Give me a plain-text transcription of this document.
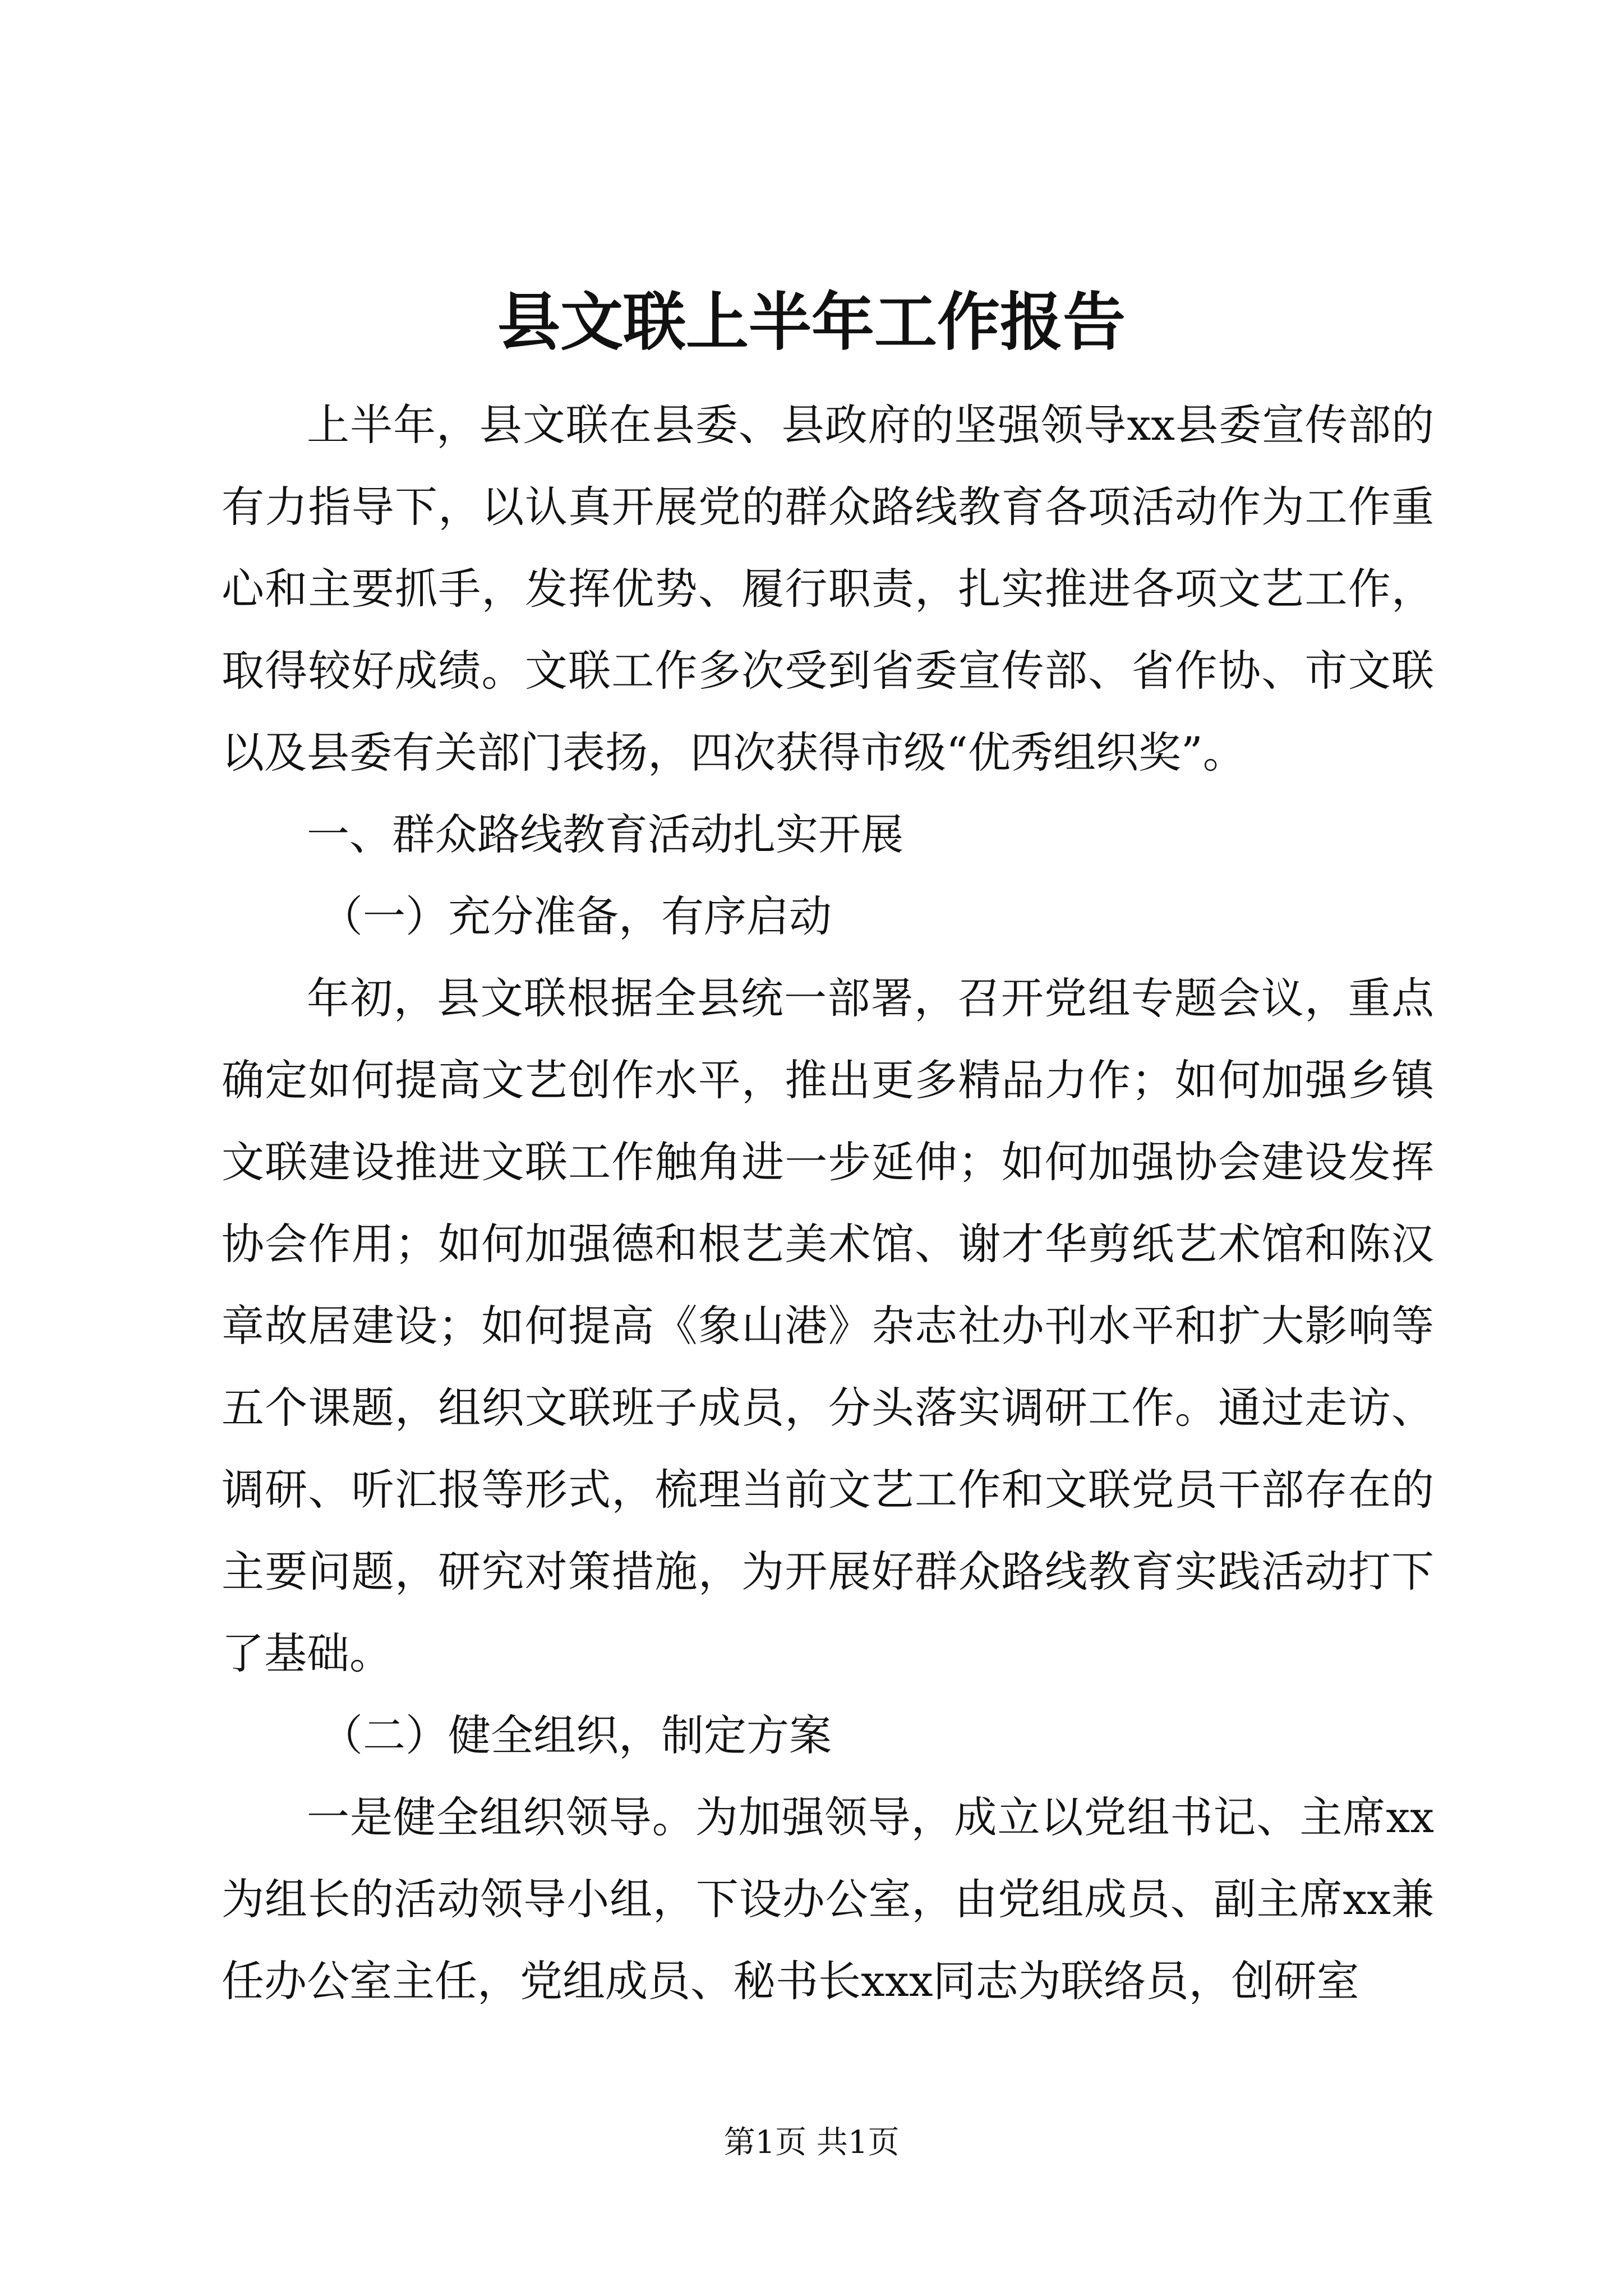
县文联上半年工作报告

上半年，县文联在县委、县政府的坚强领导xx县委宣传部的有力指导下，以认真开展党的群众路线教育各项活动作为工作重心和主要抓手，发挥优势、履行职责，扎实推进各项文艺工作，取得较好成绩。文联工作多次受到省委宣传部、省作协、市文联以及县委有关部门表扬，四次获得市级“优秀组织奖”。

一、群众路线教育活动扎实开展

（一）充分准备，有序启动

年初，县文联根据全县统一部署，召开党组专题会议，重点确定如何提高文艺创作水平，推出更多精品力作；如何加强乡镇文联建设推进文联工作触角进一步延伸；如何加强协会建设发挥协会作用；如何加强德和根艺美术馆、谢才华剪纸艺术馆和陈汉章故居建设；如何提高《象山港》杂志社办刊水平和扩大影响等五个课题，组织文联班子成员，分头落实调研工作。通过走访、调研、听汇报等形式，梳理当前文艺工作和文联党员干部存在的主要问题，研究对策措施，为开展好群众路线教育实践活动打下了基础。

（二）健全组织，制定方案

一是健全组织领导。为加强领导，成立以党组书记、主席xx为组长的活动领导小组，下设办公室，由党组成员、副主席xx兼任办公室主任，党组成员、秘书长xxx同志为联络员，创研室

第1页 共1页
